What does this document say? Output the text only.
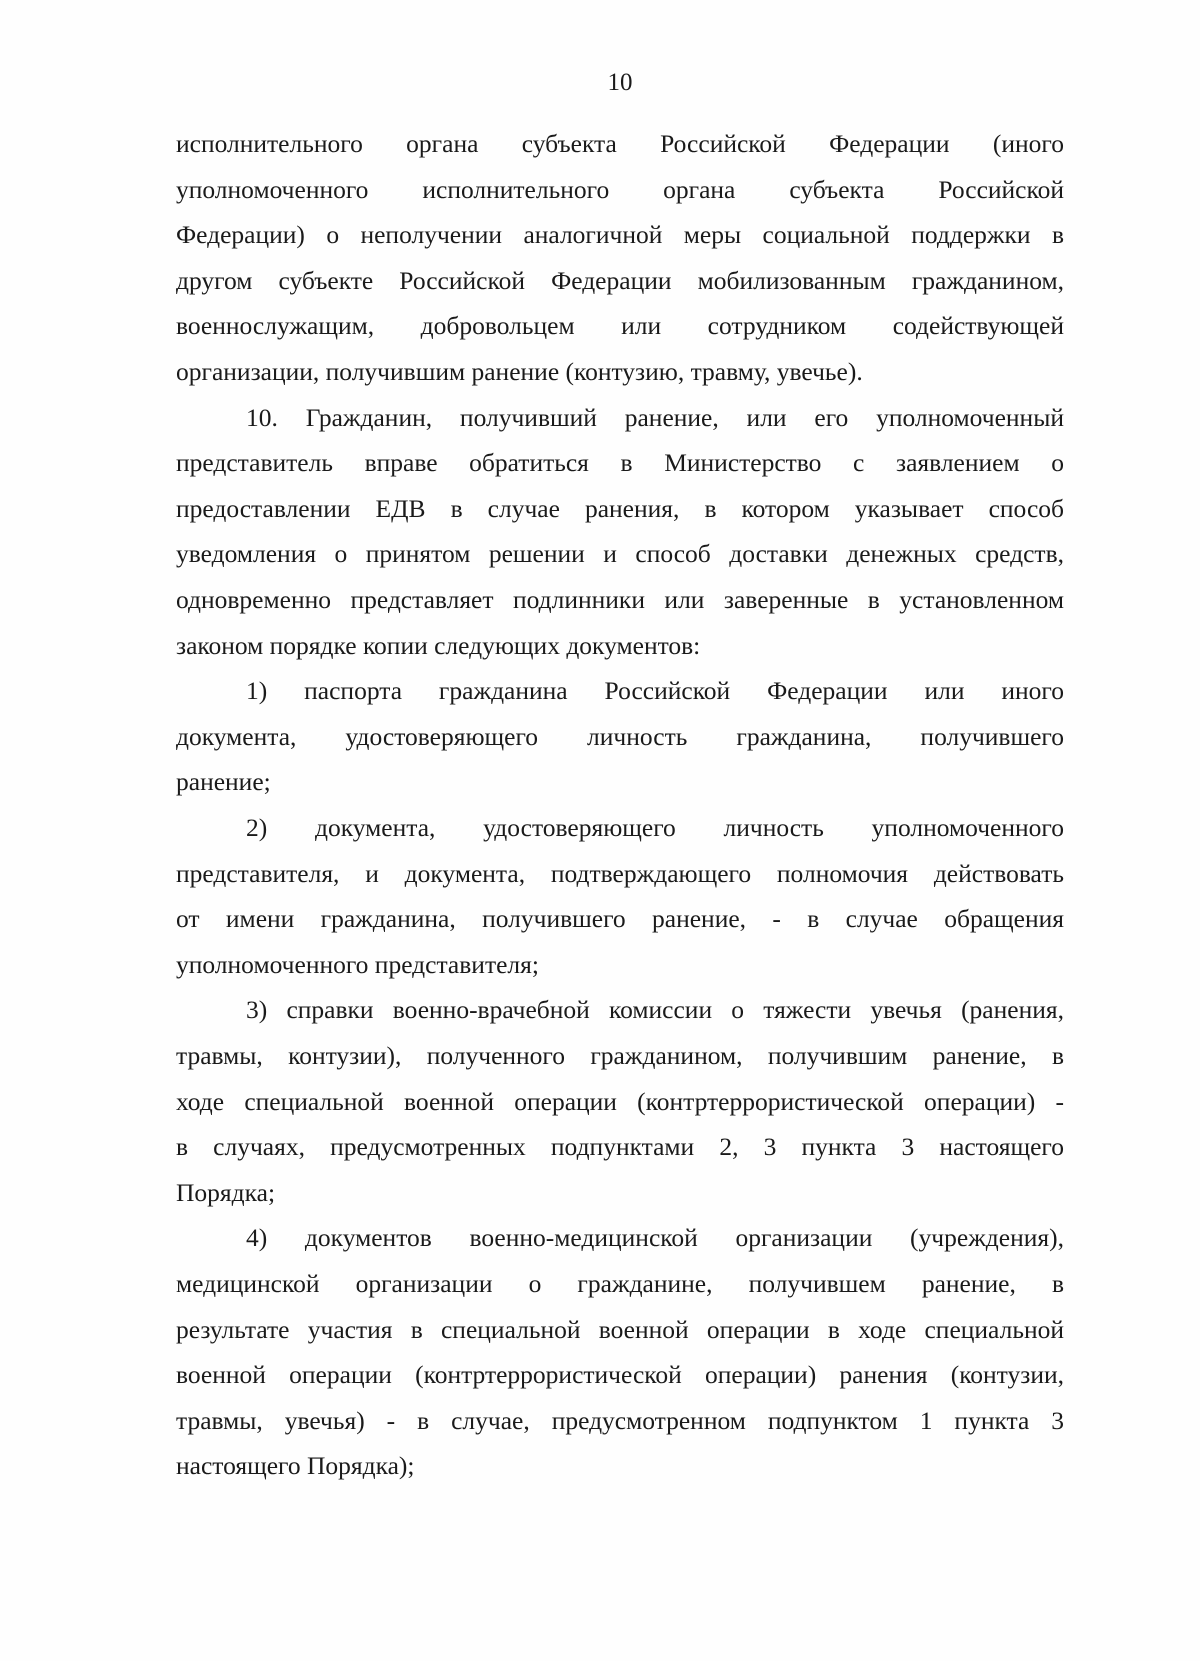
10
исполнительного органа субъекта Российской Федерации (иного
уполномоченного исполнительного органа субъекта Российской
Федерации) о неполучении аналогичной меры социальной поддержки в
другом субъекте Российской Федерации мобилизованным гражданином,
военнослужащим, добровольцем или сотрудником содействующей
организации, получившим ранение (контузию, травму, увечье).
10. Гражданин, получивший ранение, или его уполномоченный
представитель вправе обратиться в Министерство с заявлением о
предоставлении ЕДВ в случае ранения, в котором указывает способ
уведомления о принятом решении и способ доставки денежных средств,
одновременно представляет подлинники или заверенные в установленном
законом порядке копии следующих документов:
1) паспорта гражданина Российской Федерации или иного
документа, удостоверяющего личность гражданина, получившего
ранение;
2) документа, удостоверяющего личность уполномоченного
представителя, и документа, подтверждающего полномочия действовать
от имени гражданина, получившего ранение, - в случае обращения
уполномоченного представителя;
3) справки военно-врачебной комиссии о тяжести увечья (ранения,
травмы, контузии), полученного гражданином, получившим ранение, в
ходе специальной военной операции (контртеррористической операции) -
в случаях, предусмотренных подпунктами 2, 3 пункта 3 настоящего
Порядка;
4) документов военно-медицинской организации (учреждения),
медицинской организации о гражданине, получившем ранение, в
результате участия в специальной военной операции в ходе специальной
военной операции (контртеррористической операции) ранения (контузии,
травмы, увечья) - в случае, предусмотренном подпунктом 1 пункта 3
настоящего Порядка);
